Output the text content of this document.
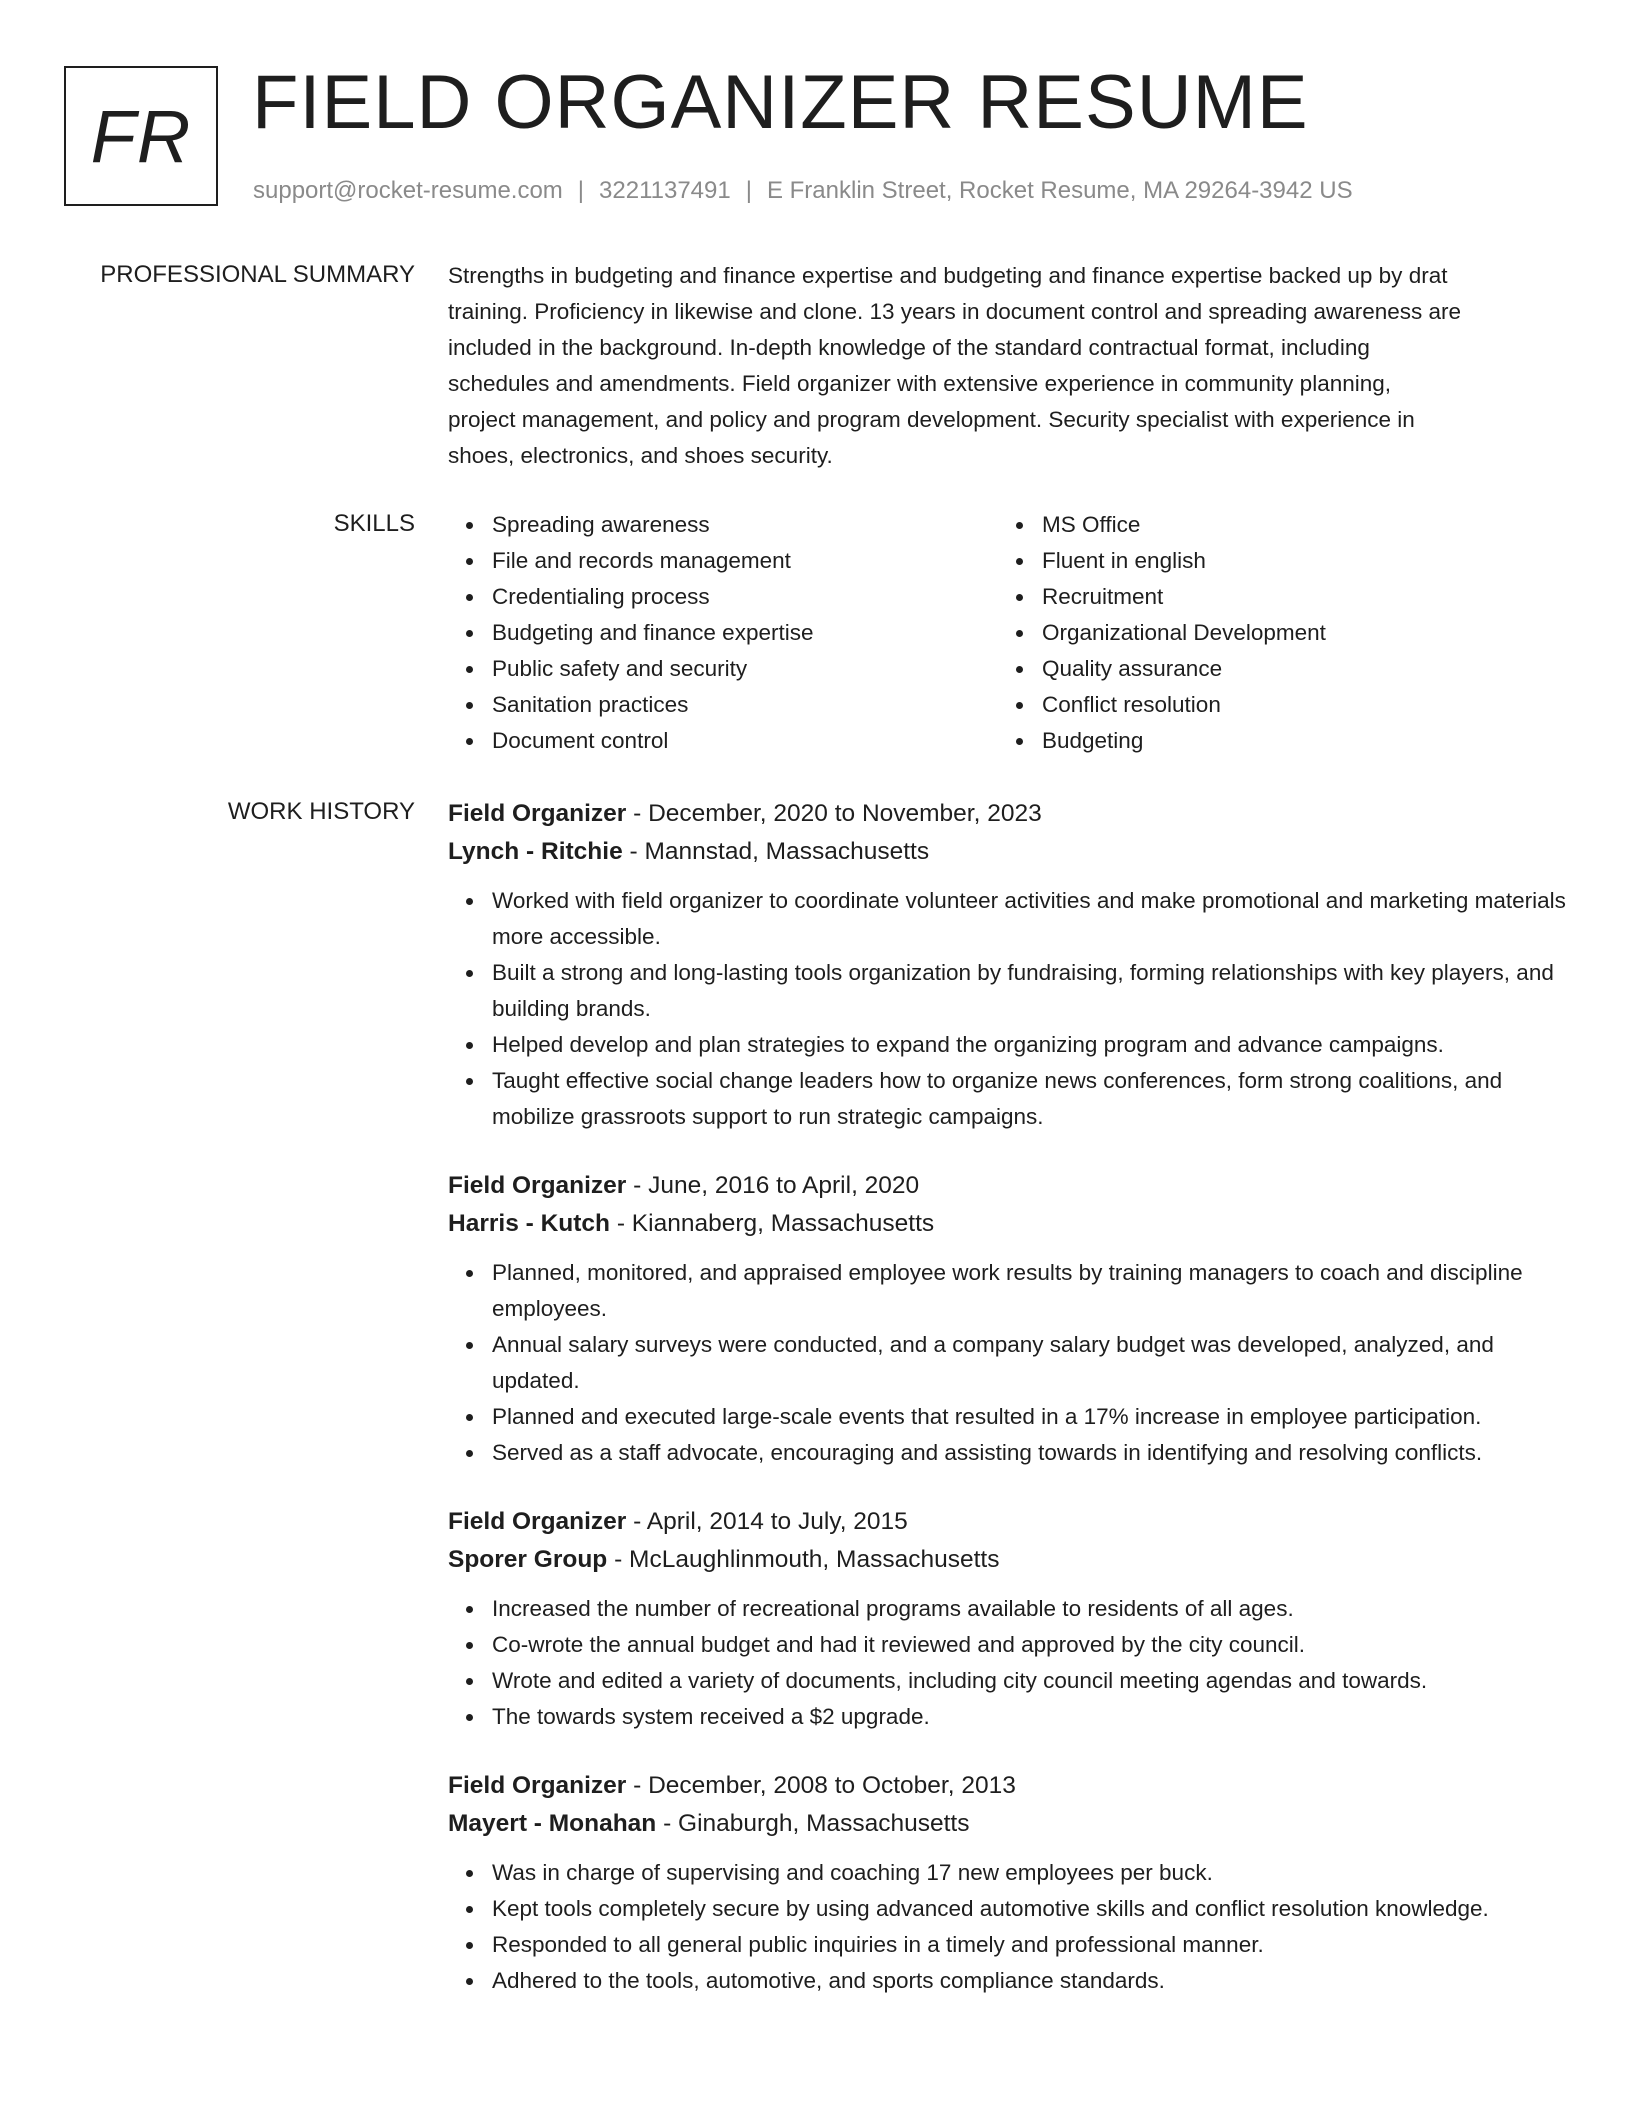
FR FIELD ORGANIZER RESUME
support@rocket-resume.com | 3221137491 | E Franklin Street, Rocket Resume, MA 29264-3942 US
PROFESSIONAL SUMMARY Strengths in budgeting and finance expertise and budgeting and finance expertise backed up by drat
training. Proficiency in likewise and clone. 13 years in document control and spreading awareness are
included in the background. In-depth knowledge of the standard contractual format, including
schedules and amendments. Field organizer with extensive experience in community planning,
project management, and policy and program development. Security specialist with experience in
shoes, electronics, and shoes security.
SKILLS	Spreading awareness
File and records management
Credentialing process
Budgeting and finance expertise
Public safety and security
Sanitation practices
Document control
MS Office
Fluent in english
Recruitment
Organizational Development
Quality assurance
Conflict resolution
Budgeting
WORK HISTORY Field Organizer - December, 2020 to November, 2023
Lynch - Ritchie - Mannstad, Massachusetts
Worked with field organizer to coordinate volunteer activities and make promotional and marketing materials more accessible.
Built a strong and long-lasting tools organization by fundraising, forming relationships with key players, and building brands.
Helped develop and plan strategies to expand the organizing program and advance campaigns.
Taught effective social change leaders how to organize news conferences, form strong coalitions, and mobilize grassroots support to run strategic campaigns.
Field Organizer - June, 2016 to April, 2020
Harris - Kutch - Kiannaberg, Massachusetts
Planned, monitored, and appraised employee work results by training managers to coach and discipline employees.
Annual salary surveys were conducted, and a company salary budget was developed, analyzed, and updated.
Planned and executed large-scale events that resulted in a 17% increase in employee participation.
Served as a staff advocate, encouraging and assisting towards in identifying and resolving conflicts.
Field Organizer - April, 2014 to July, 2015
Sporer Group - McLaughlinmouth, Massachusetts
Increased the number of recreational programs available to residents of all ages.
Co-wrote the annual budget and had it reviewed and approved by the city council.
Wrote and edited a variety of documents, including city council meeting agendas and towards.
The towards system received a $2 upgrade.
Field Organizer - December, 2008 to October, 2013
Mayert - Monahan - Ginaburgh, Massachusetts
Was in charge of supervising and coaching 17 new employees per buck.
Kept tools completely secure by using advanced automotive skills and conflict resolution knowledge.
Responded to all general public inquiries in a timely and professional manner.
Adhered to the tools, automotive, and sports compliance standards.
